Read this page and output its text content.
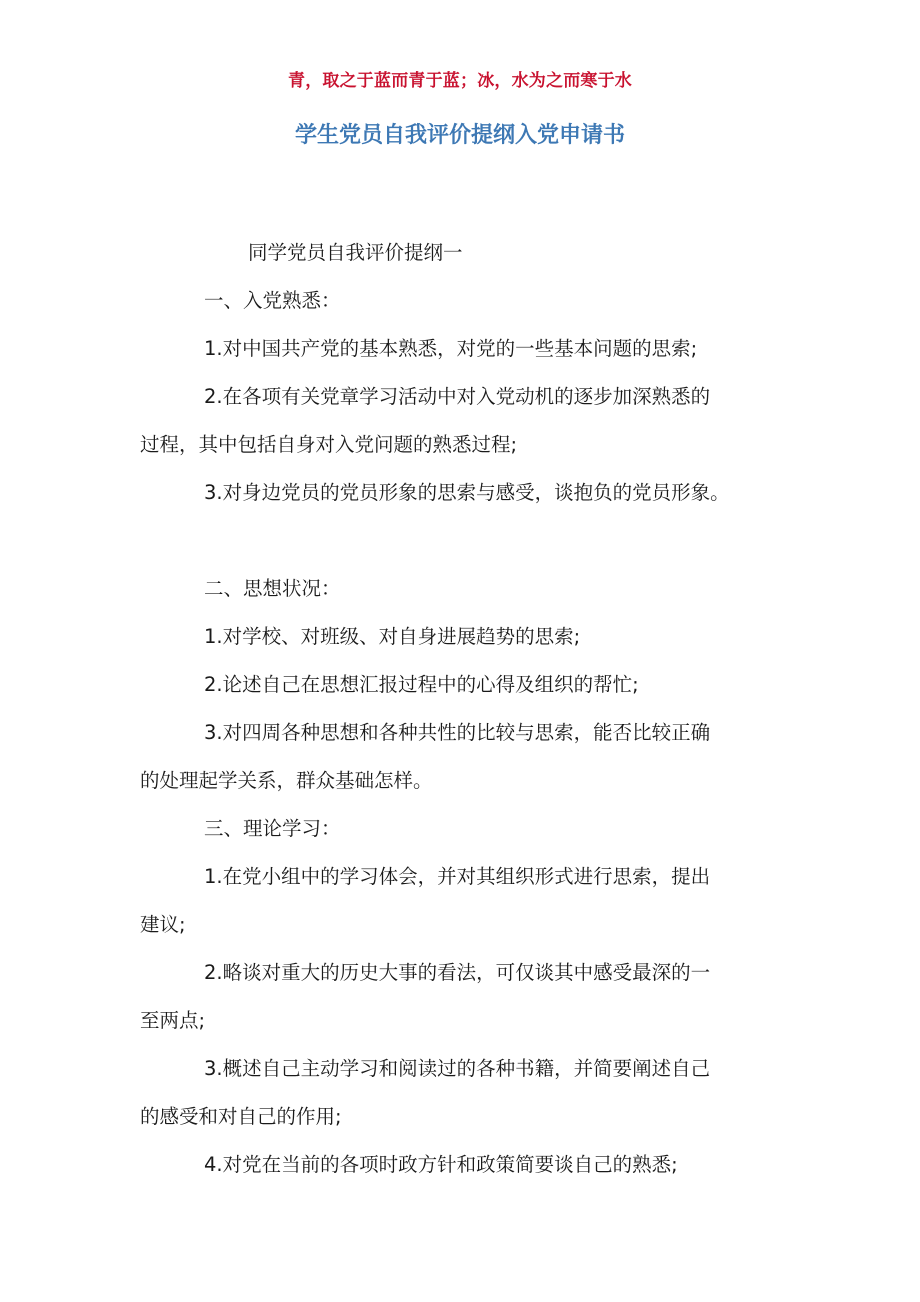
青，取之于蓝而青于蓝；冰，水为之而寒于水
学生党员自我评价提纲入党申请书
同学党员自我评价提纲一
一、入党熟悉：
1.对中国共产党的基本熟悉，对党的一些基本问题的思索;
2.在各项有关党章学习活动中对入党动机的逐步加深熟悉的
过程，其中包括自身对入党问题的熟悉过程;
3.对身边党员的党员形象的思索与感受，谈抱负的党员形象。
二、思想状况：
1.对学校、对班级、对自身进展趋势的思索;
2.论述自己在思想汇报过程中的心得及组织的帮忙;
3.对四周各种思想和各种共性的比较与思索，能否比较正确
的处理起学关系，群众基础怎样。
三、理论学习：
1.在党小组中的学习体会，并对其组织形式进行思索，提出
建议;
2.略谈对重大的历史大事的看法，可仅谈其中感受最深的一
至两点;
3.概述自己主动学习和阅读过的各种书籍，并简要阐述自己
的感受和对自己的作用;
4.对党在当前的各项时政方针和政策简要谈自己的熟悉;
